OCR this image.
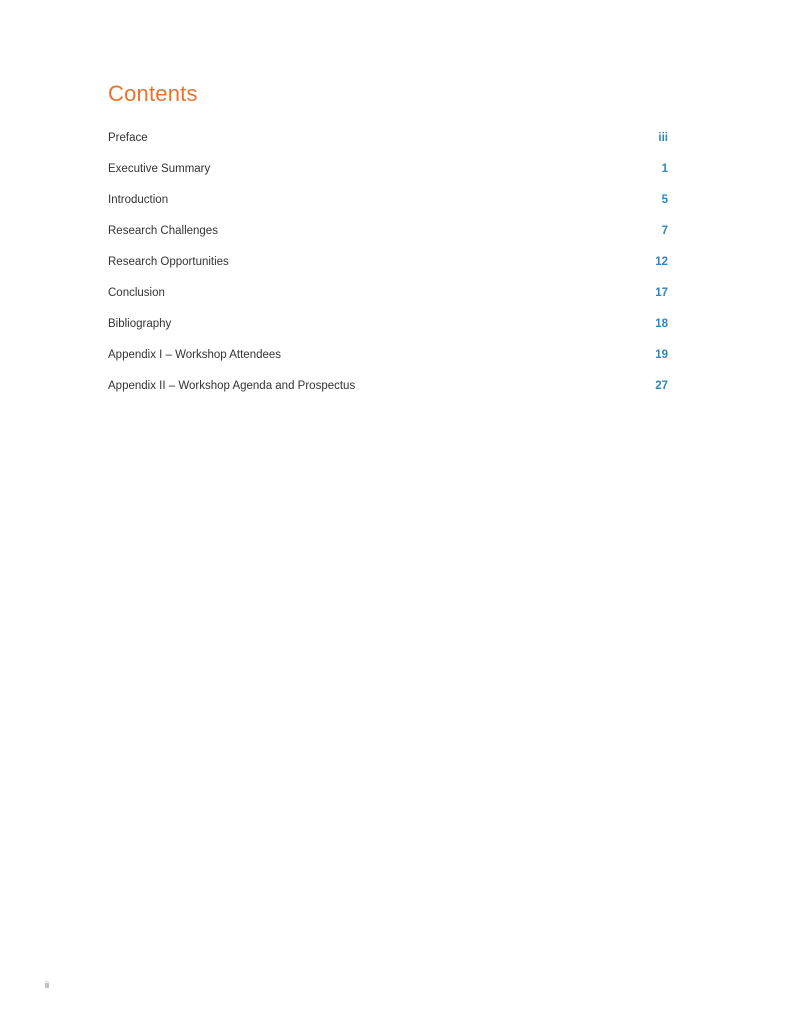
Contents
Preface	iii
Executive Summary	1
Introduction	5
Research Challenges	7
Research Opportunities	12
Conclusion	17
Bibliography	18
Appendix I – Workshop Attendees	19
Appendix II – Workshop Agenda and Prospectus	27
ii
